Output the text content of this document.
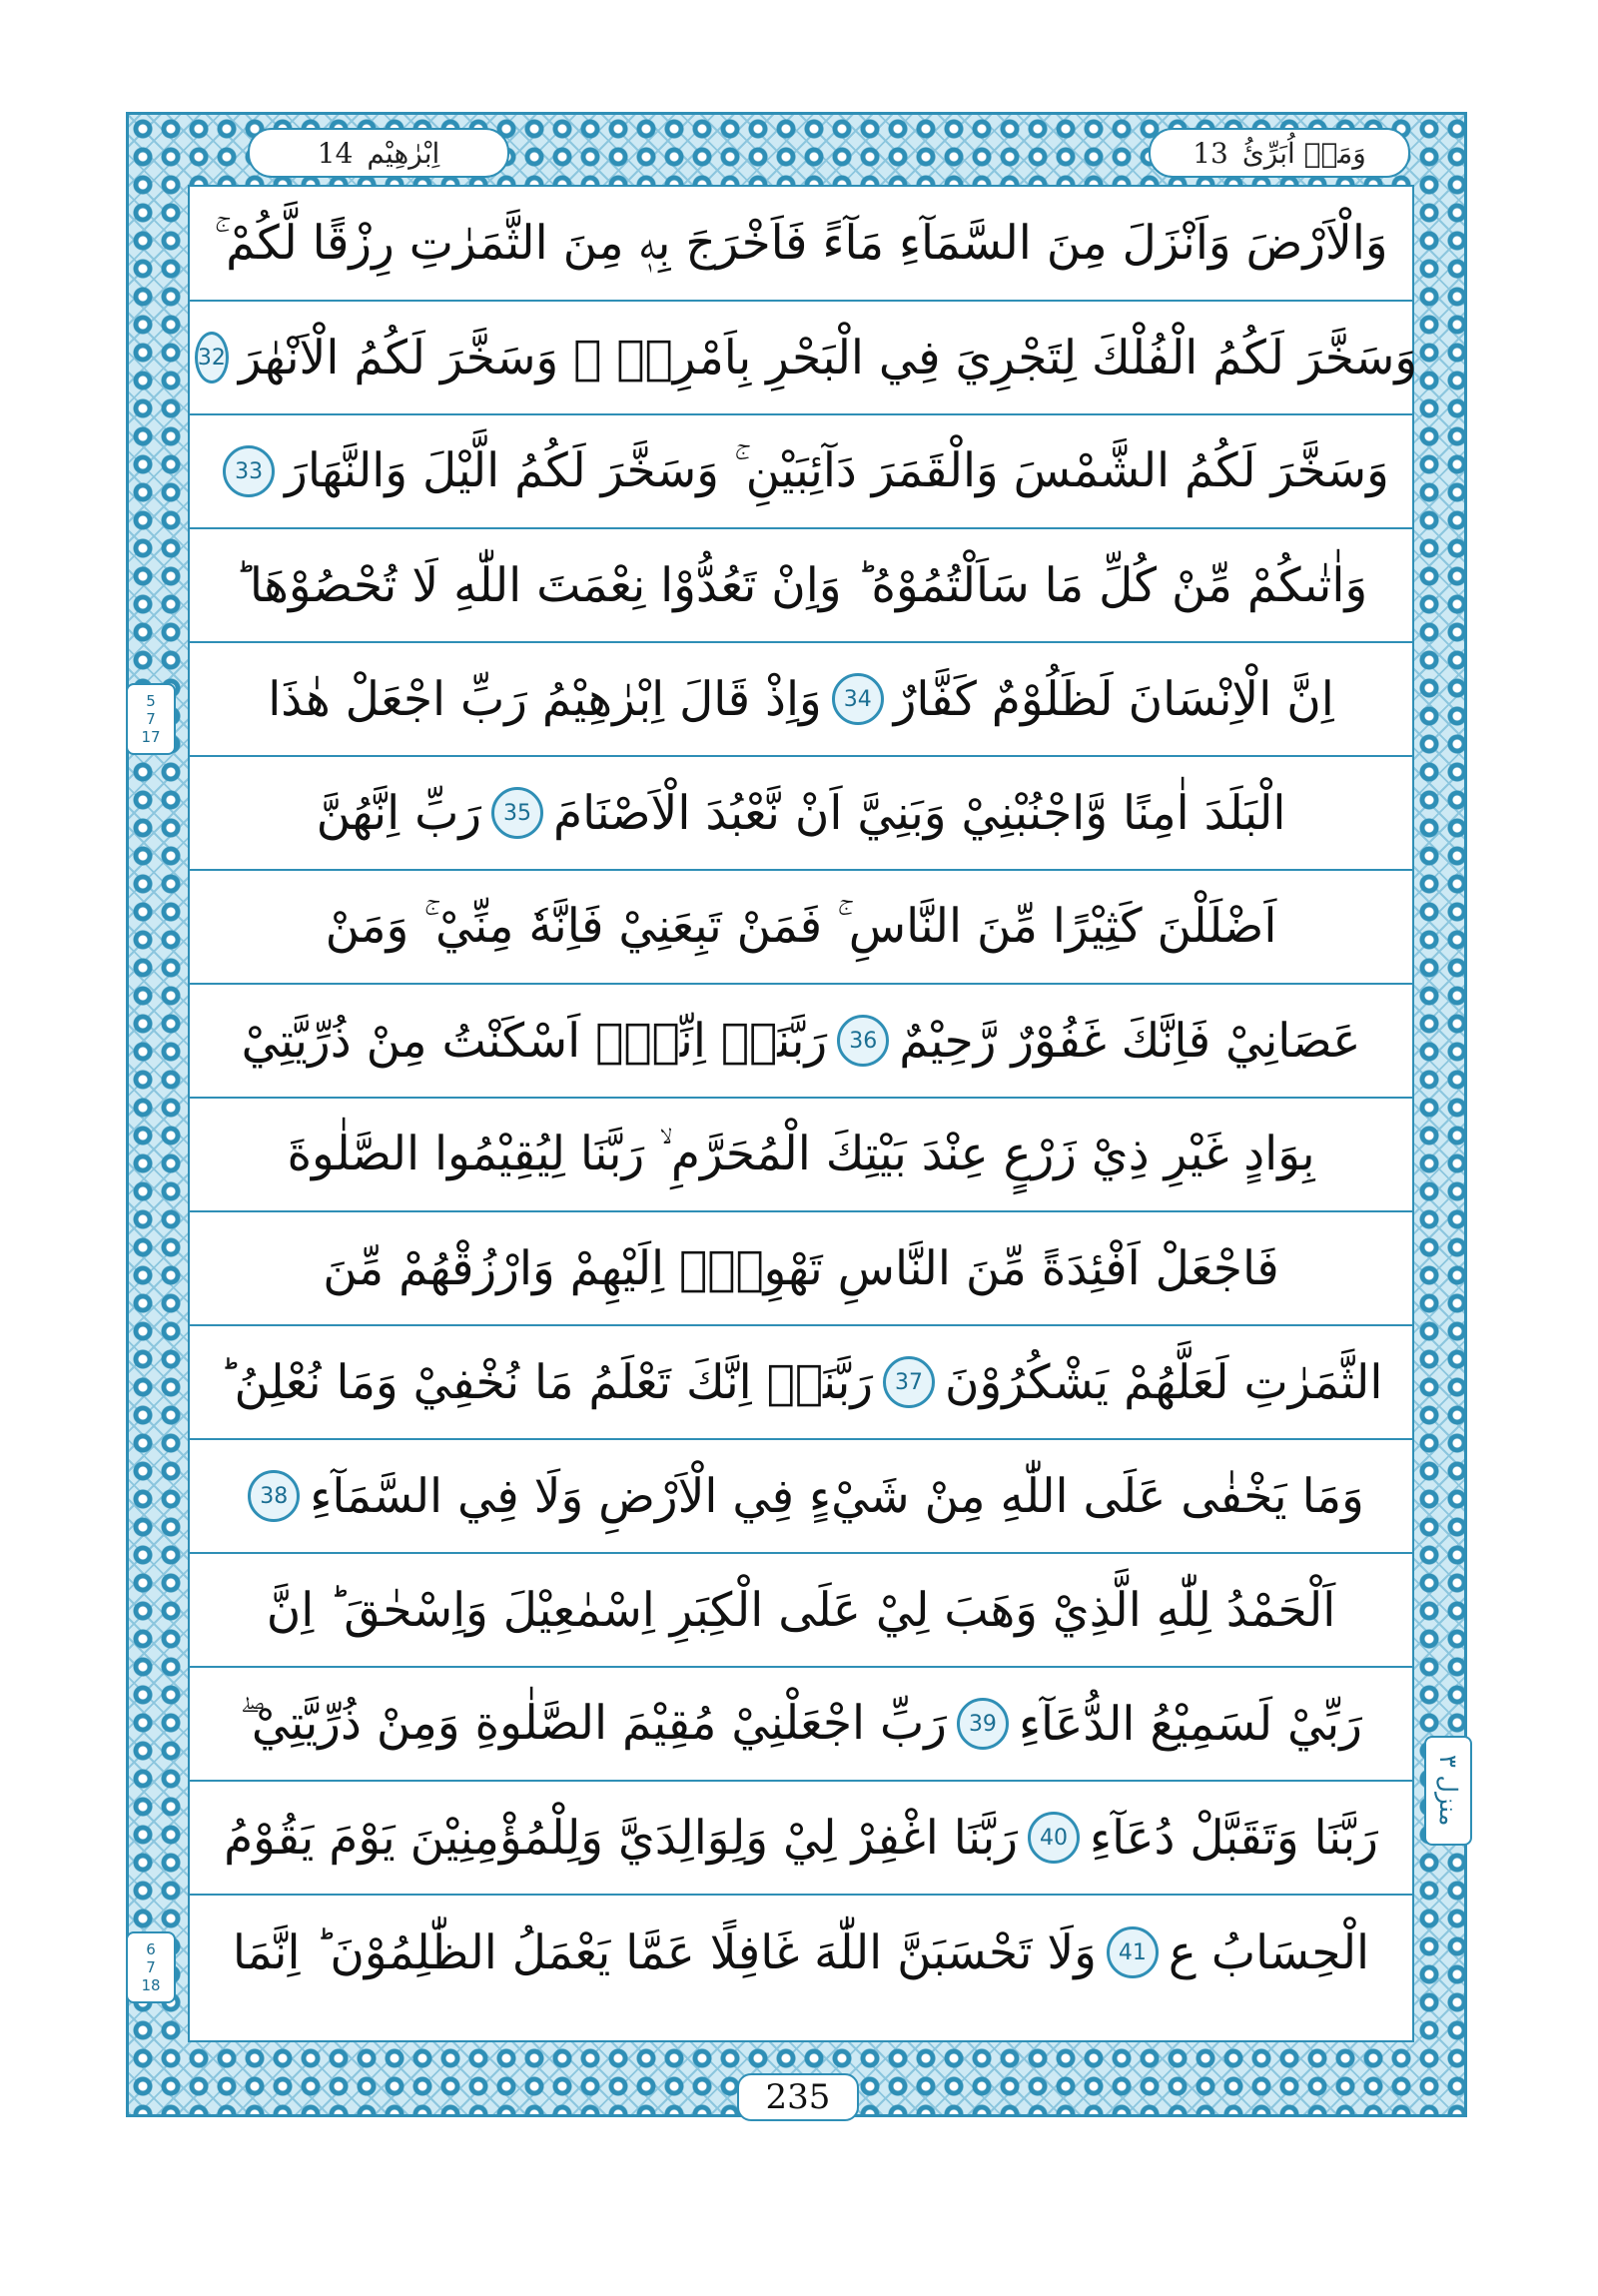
وَمَاۤ اُبَرِّئُ
13
اِبْرٰهِيْم
14
وَالْاَرْضَ وَاَنْزَلَ مِنَ السَّمَآءِ مَآءً فَاَخْرَجَ بِهٖ مِنَ الثَّمَرٰتِ رِزْقًا لَّكُمْ ۚ
وَسَخَّرَ لَكُمُ الْفُلْكَ لِتَجْرِيَ فِي الْبَحْرِ بِاَمْرِهٖ ۚ وَسَخَّرَ لَكُمُ الْاَنْهٰرَ
32
وَسَخَّرَ لَكُمُ الشَّمْسَ وَالْقَمَرَ دَآئِبَيْنِ ۚ وَسَخَّرَ لَكُمُ الَّيْلَ وَالنَّهَارَ
33
وَاٰتٰىكُمْ مِّنْ كُلِّ مَا سَاَلْتُمُوْهُ ؕ وَاِنْ تَعُدُّوْا نِعْمَتَ اللّٰهِ لَا تُحْصُوْهَا ؕ
اِنَّ الْاِنْسَانَ لَظَلُوْمٌ كَفَّارٌ
34
وَاِذْ قَالَ اِبْرٰهِيْمُ رَبِّ اجْعَلْ هٰذَا
الْبَلَدَ اٰمِنًا وَّاجْنُبْنِيْ وَبَنِيَّ اَنْ نَّعْبُدَ الْاَصْنَامَ
35
رَبِّ اِنَّهُنَّ
اَضْلَلْنَ كَثِيْرًا مِّنَ النَّاسِ ۚ فَمَنْ تَبِعَنِيْ فَاِنَّهٗ مِنِّيْ ۚ وَمَنْ
عَصَانِيْ فَاِنَّكَ غَفُوْرٌ رَّحِيْمٌ
36
رَبَّنَاۤ اِنِّيْۤ اَسْكَنْتُ مِنْ ذُرِّيَّتِيْ
بِوَادٍ غَيْرِ ذِيْ زَرْعٍ عِنْدَ بَيْتِكَ الْمُحَرَّمِ ۙ رَبَّنَا لِيُقِيْمُوا الصَّلٰوةَ
فَاجْعَلْ اَفْئِدَةً مِّنَ النَّاسِ تَهْوِيْۤ اِلَيْهِمْ وَارْزُقْهُمْ مِّنَ
الثَّمَرٰتِ لَعَلَّهُمْ يَشْكُرُوْنَ
37
رَبَّنَاۤ اِنَّكَ تَعْلَمُ مَا نُخْفِيْ وَمَا نُعْلِنُ ؕ
وَمَا يَخْفٰى عَلَى اللّٰهِ مِنْ شَيْءٍ فِي الْاَرْضِ وَلَا فِي السَّمَآءِ
38
اَلْحَمْدُ لِلّٰهِ الَّذِيْ وَهَبَ لِيْ عَلَى الْكِبَرِ اِسْمٰعِيْلَ وَاِسْحٰقَ ؕ اِنَّ
رَبِّيْ لَسَمِيْعُ الدُّعَآءِ
39
رَبِّ اجْعَلْنِيْ مُقِيْمَ الصَّلٰوةِ وَمِنْ ذُرِّيَّتِيْ ۖ
رَبَّنَا وَتَقَبَّلْ دُعَآءِ
40
رَبَّنَا اغْفِرْ لِيْ وَلِوَالِدَيَّ وَلِلْمُؤْمِنِيْنَ يَوْمَ يَقُوْمُ
الْحِسَابُ ع
41
وَلَا تَحْسَبَنَّ اللّٰهَ غَافِلًا عَمَّا يَعْمَلُ الظّٰلِمُوْنَ ؕ اِنَّمَا
5
7
17
6
7
18
منزل ٣
235
